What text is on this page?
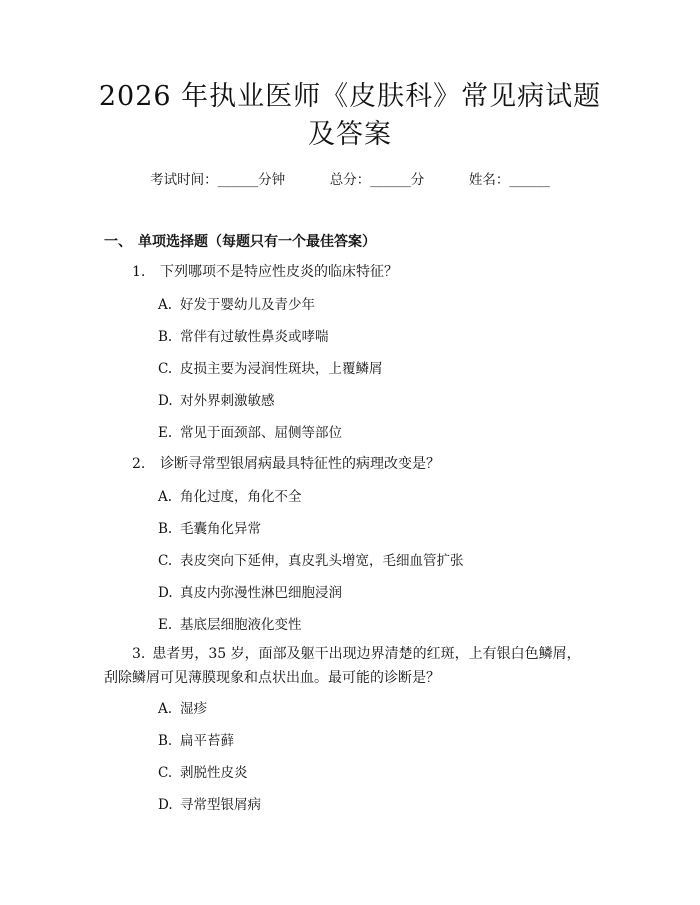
2026 年执业医师《皮肤科》常见病试题及答案
考试时间：______分钟	总分：______分	姓名：______
一、 单项选择题（每题只有一个最佳答案）
1. 下列哪项不是特应性皮炎的临床特征？
A. 好发于婴幼儿及青少年
B. 常伴有过敏性鼻炎或哮喘
C. 皮损主要为浸润性斑块，上覆鳞屑
D. 对外界刺激敏感
E. 常见于面颈部、屈侧等部位
2. 诊断寻常型银屑病最具特征性的病理改变是？
A. 角化过度，角化不全
B. 毛囊角化异常
C. 表皮突向下延伸，真皮乳头增宽，毛细血管扩张
D. 真皮内弥漫性淋巴细胞浸润
E. 基底层细胞液化变性
3.  患者男，35 岁，面部及躯干出现边界清楚的红斑，上有银白色鳞屑，刮除鳞屑可见薄膜现象和点状出血。最可能的诊断是？
A. 湿疹
B. 扁平苔藓
C. 剥脱性皮炎
D. 寻常型银屑病
